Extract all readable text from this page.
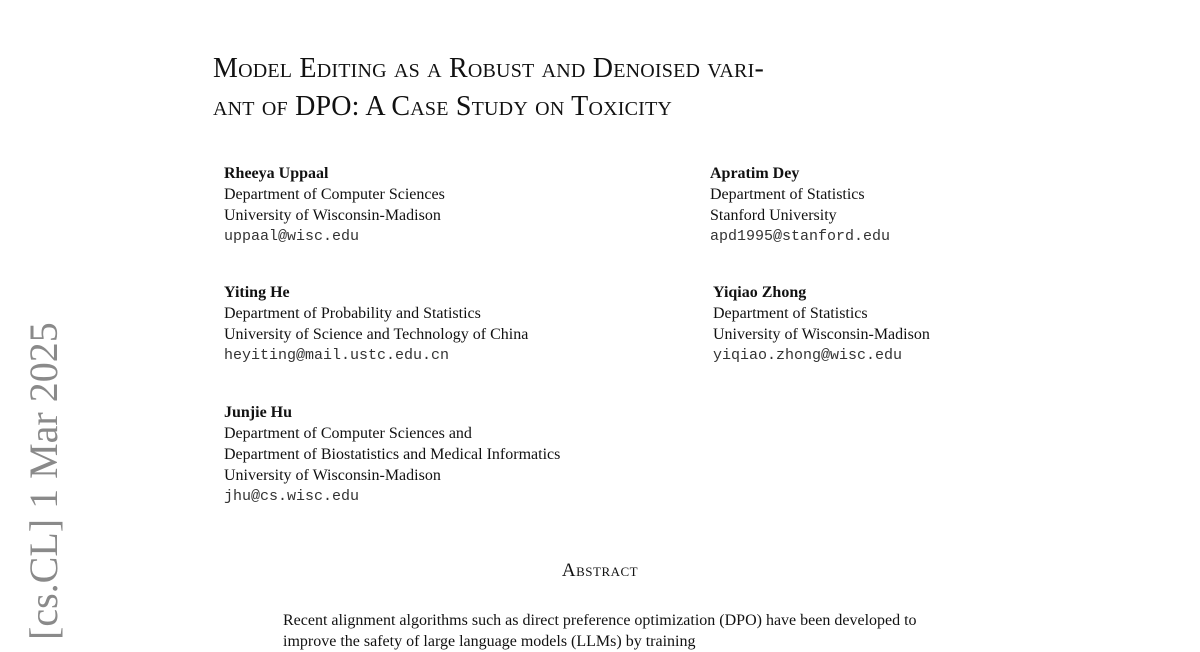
Model Editing as a Robust and Denoised vari-
ant of DPO: A Case Study on Toxicity
Rheeya Uppaal
Department of Computer Sciences
University of Wisconsin-Madison
uppaal@wisc.edu
Apratim Dey
Department of Statistics
Stanford University
apd1995@stanford.edu
Yiting He
Department of Probability and Statistics
University of Science and Technology of China
heyiting@mail.ustc.edu.cn
Yiqiao Zhong
Department of Statistics
University of Wisconsin-Madison
yiqiao.zhong@wisc.edu
Junjie Hu
Department of Computer Sciences and
Department of Biostatistics and Medical Informatics
University of Wisconsin-Madison
jhu@cs.wisc.edu
Abstract
Recent alignment algorithms such as direct preference optimization (DPO) have been developed to improve the safety of large language models (LLMs) by training
[cs.CL] 1 Mar 2025
